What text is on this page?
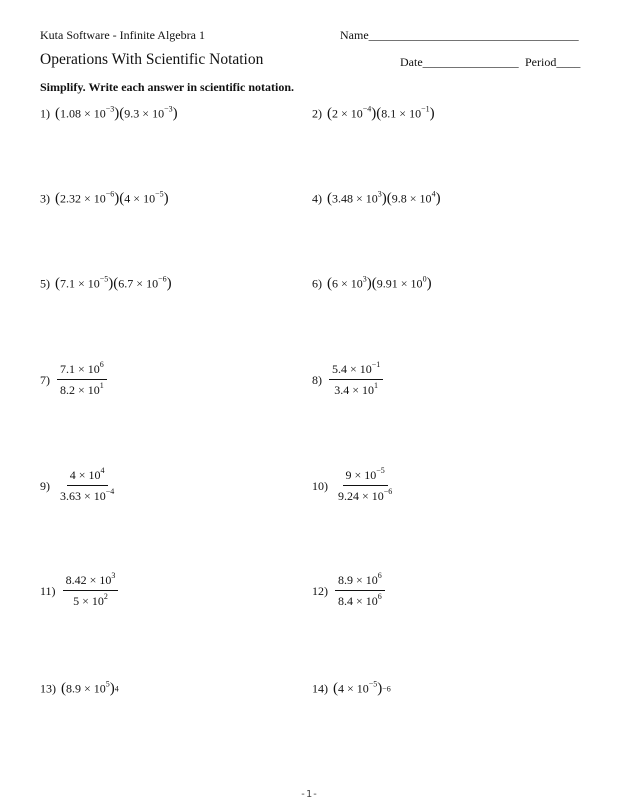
Kuta Software - Infinite Algebra 1	Name___________________________________
Operations With Scientific Notation	Date________________ Period____
Simplify. Write each answer in scientific notation.
1) ( $1.08 \times 10^{-3}$ ) ( $9.3 \times 10^{-3}$ )	2) ( $2 \times 10^{-4}$ ) ( $8.1 \times 10^{-1}$ )
3) ( $2.32 \times 10^{-6}$ ) ( $4 \times 10^{-5}$ )	4) ( $3.48 \times 10^3$ ) ( $9.8 \times 10^4$ )
5) ( $7.1 \times 10^{-5}$ ) ( $6.7 \times 10^{-6}$ )	6) ( $6 \times 10^3$ ) ( $9.91 \times 10^0$ )
$7) \frac{7.1 \times 10^6}{8.2 \times 10^1}$	$8) \frac{5.4 \times 10^{-1}}{3.4 \times 10^1}$
$9) \frac{4 \times 10^4}{3.63 \times 10^{-4}}$	$10) \frac{9 \times 10^{-5}}{9.24 \times 10^{-6}}$
$11) \frac{8.42 \times 10^3}{5 \times 10^2}$	$12) \frac{8.9 \times 10^6}{8.4 \times 10^6}$
13) ( $8.9 \times 10^5$ ) 4	14) ( $4 \times 10^{-5}$ ) −6
-1-
